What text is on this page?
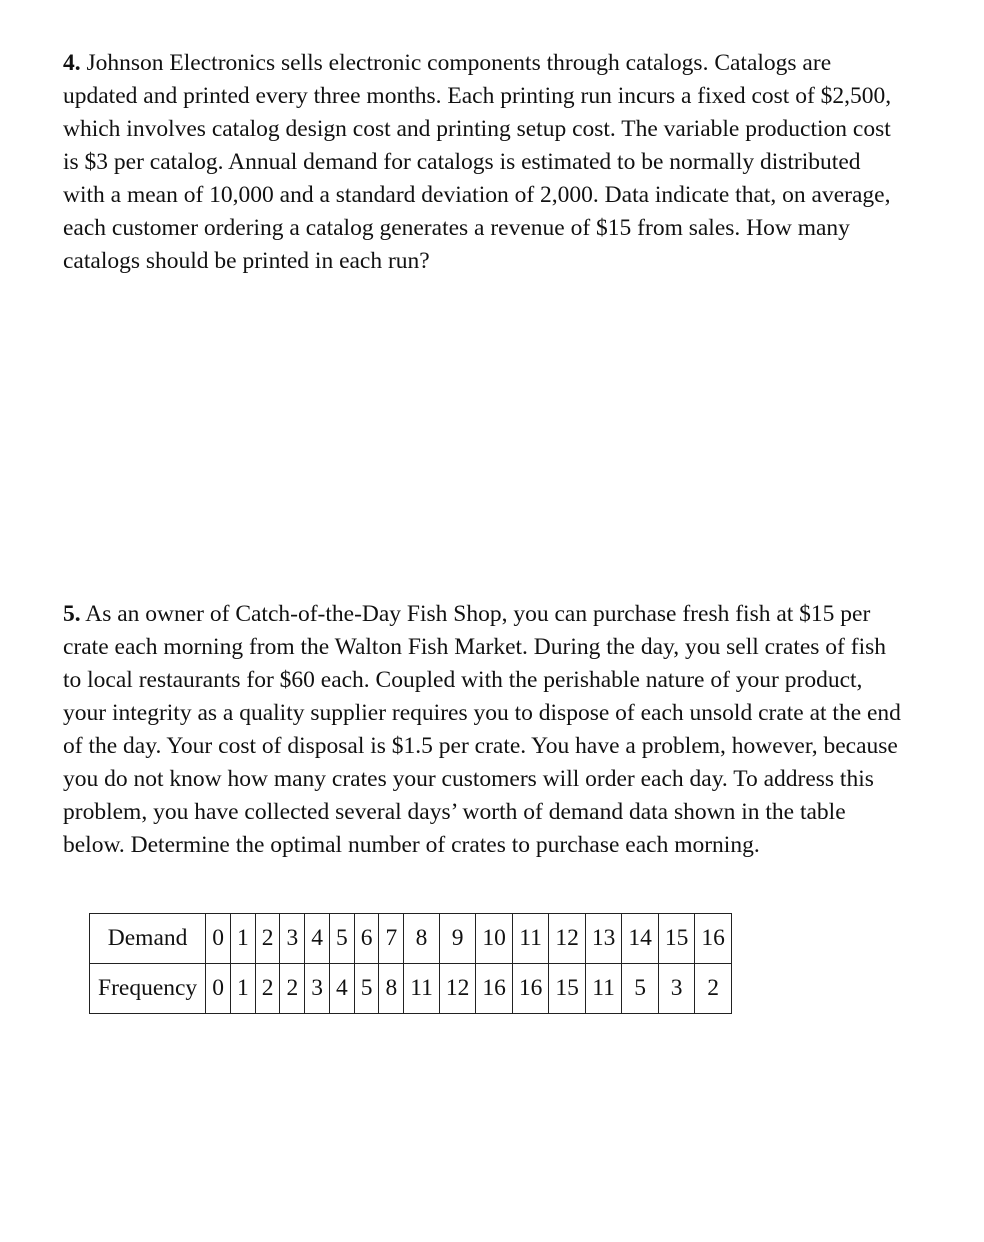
4. Johnson Electronics sells electronic components through catalogs. Catalogs are updated and printed every three months. Each printing run incurs a fixed cost of $2,500, which involves catalog design cost and printing setup cost. The variable production cost is $3 per catalog. Annual demand for catalogs is estimated to be normally distributed with a mean of 10,000 and a standard deviation of 2,000. Data indicate that, on average, each customer ordering a catalog generates a revenue of $15 from sales. How many catalogs should be printed in each run?

5. As an owner of Catch-of-the-Day Fish Shop, you can purchase fresh fish at $15 per crate each morning from the Walton Fish Market. During the day, you sell crates of fish to local restaurants for $60 each. Coupled with the perishable nature of your product, your integrity as a quality supplier requires you to dispose of each unsold crate at the end of the day. Your cost of disposal is $1.5 per crate. You have a problem, however, because you do not know how many crates your customers will order each day. To address this problem, you have collected several days’ worth of demand data shown in the table below. Determine the optimal number of crates to purchase each morning.

Demand	0	1	2	3	4	5	6	7	8	9	10	11	12	13	14	15	16
Frequency	0	1	2	2	3	4	5	8	11	12	16	16	15	11	5	3	2
